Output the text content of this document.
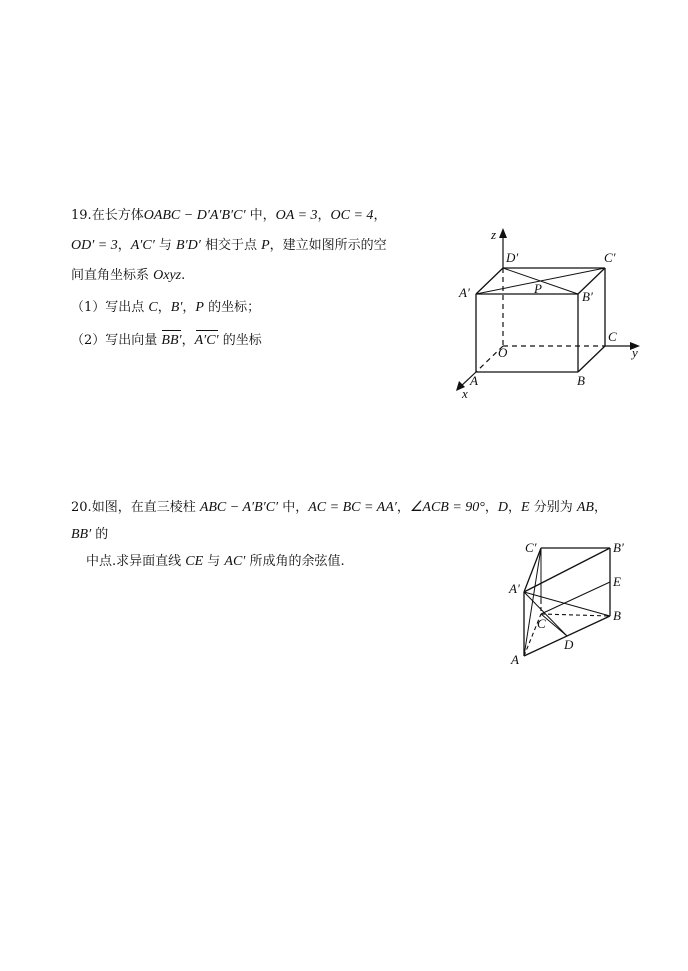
19.在长方体OABC − D′A′B′C′ 中，OA = 3，OC = 4，
OD′ = 3，A′C′ 与 B′D′ 相交于点 P，建立如图所示的空
间直角坐标系 Oxyz.
（1）写出点 C，B′，P 的坐标；
（2）写出向量 BB′，A′C′ 的坐标
z
x
y
D′	C′
A′	B′
P
C
O
A	B
20.如图，在直三棱柱 ABC − A′B′C′ 中，AC = BC = AA′，∠ACB = 90°，D，E 分别为 AB，
BB′ 的
中点.求异面直线 CE 与 AC′ 所成角的余弦值.
C′	B′
A′	E
C
B
A
D
